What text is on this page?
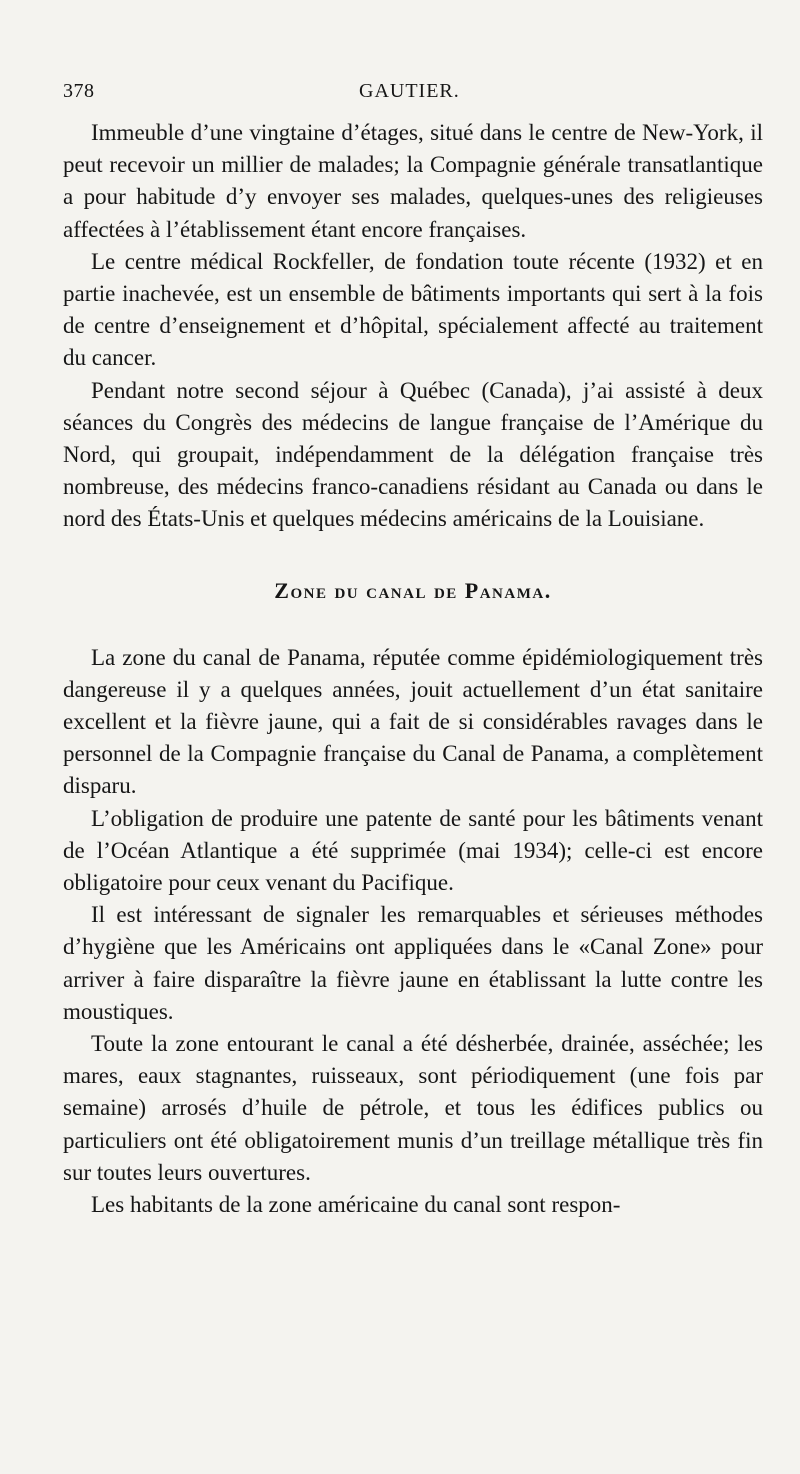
378	GAUTIER.

Immeuble d’une vingtaine d’étages, situé dans le centre de New-York, il peut recevoir un millier de malades; la Compagnie générale transatlantique a pour habitude d’y envoyer ses malades, quelques-unes des religieuses affectées à l’établissement étant encore françaises.

Le centre médical Rockfeller, de fondation toute récente (1932) et en partie inachevée, est un ensemble de bâtiments importants qui sert à la fois de centre d’enseignement et d’hôpital, spécialement affecté au traitement du cancer.

Pendant notre second séjour à Québec (Canada), j’ai assisté à deux séances du Congrès des médecins de langue française de l’Amérique du Nord, qui groupait, indépendamment de la délégation française très nombreuse, des médecins franco-canadiens résidant au Canada ou dans le nord des États-Unis et quelques médecins américains de la Louisiane.

Zone du canal de Panama.

La zone du canal de Panama, réputée comme épidémiologiquement très dangereuse il y a quelques années, jouit actuellement d’un état sanitaire excellent et la fièvre jaune, qui a fait de si considérables ravages dans le personnel de la Compagnie française du Canal de Panama, a complètement disparu.

L’obligation de produire une patente de santé pour les bâtiments venant de l’Océan Atlantique a été supprimée (mai 1934); celle-ci est encore obligatoire pour ceux venant du Pacifique.

Il est intéressant de signaler les remarquables et sérieuses méthodes d’hygiène que les Américains ont appliquées dans le «Canal Zone» pour arriver à faire disparaître la fièvre jaune en établissant la lutte contre les moustiques.

Toute la zone entourant le canal a été désherbée, drainée, asséchée; les mares, eaux stagnantes, ruisseaux, sont périodiquement (une fois par semaine) arrosés d’huile de pétrole, et tous les édifices publics ou particuliers ont été obligatoirement munis d’un treillage métallique très fin sur toutes leurs ouvertures.

Les habitants de la zone américaine du canal sont respon-
